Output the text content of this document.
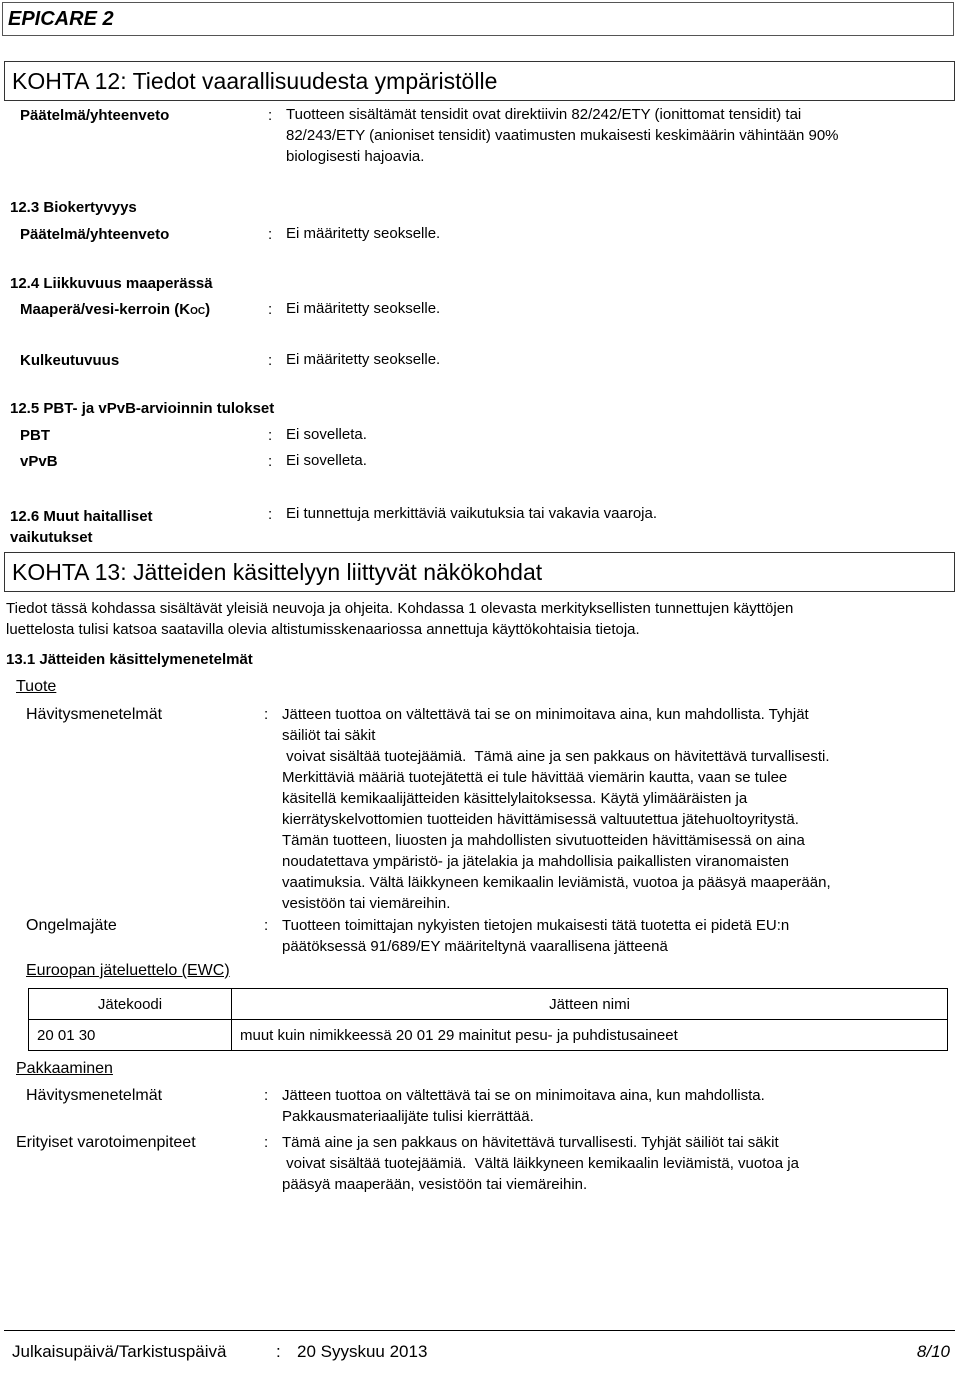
EPICARE 2
KOHTA 12: Tiedot vaarallisuudesta ympäristölle
Päätelmä/yhteenveto	: Tuotteen sisältämät tensidit ovat direktiivin 82/242/ETY (ionittomat tensidit) tai
82/243/ETY (anioniset tensidit) vaatimusten mukaisesti keskimäärin vähintään 90%
biologisesti hajoavia.
12.3 Biokertyvyys
Päätelmä/yhteenveto	: Ei määritetty seokselle.
12.4 Liikkuvuus maaperässä
Maaperä/vesi-kerroin (KOC)	: Ei määritetty seokselle.
Kulkeutuvuus	: Ei määritetty seokselle.
12.5 PBT- ja vPvB-arvioinnin tulokset
PBT	: Ei sovelleta.
vPvB	: Ei sovelleta.
12.6 Muut haitalliset
vaikutukset
: Ei tunnettuja merkittäviä vaikutuksia tai vakavia vaaroja.
KOHTA 13: Jätteiden käsittelyyn liittyvät näkökohdat
Tiedot tässä kohdassa sisältävät yleisiä neuvoja ja ohjeita. Kohdassa 1 olevasta merkityksellisten tunnettujen käyttöjen
luettelosta tulisi katsoa saatavilla olevia altistumisskenaariossa annettuja käyttökohtaisia tietoja.
13.1 Jätteiden käsittelymenetelmät
Tuote
Hävitysmenetelmät	: Jätteen tuottoa on vältettävä tai se on minimoitava aina, kun mahdollista. Tyhjät
säiliöt tai säkit
voivat sisältää tuotejäämiä.  Tämä aine ja sen pakkaus on hävitettävä turvallisesti.
Merkittäviä määriä tuotejätettä ei tule hävittää viemärin kautta, vaan se tulee
käsitellä kemikaalijätteiden käsittelylaitoksessa. Käytä ylimääräisten ja
kierrätyskelvottomien tuotteiden hävittämisessä valtuutettua jätehuoltoyritystä.
Tämän tuotteen, liuosten ja mahdollisten sivutuotteiden hävittämisessä on aina
noudatettava ympäristö- ja jätelakia ja mahdollisia paikallisten viranomaisten
vaatimuksia. Vältä läikkyneen kemikaalin leviämistä, vuotoa ja pääsyä maaperään,
vesistöön tai viemäreihin.
Ongelmajäte	: Tuotteen toimittajan nykyisten tietojen mukaisesti tätä tuotetta ei pidetä EU:n
päätöksessä 91/689/EY määriteltynä vaarallisena jätteenä
Euroopan jäteluettelo (EWC)
Jätekoodi	Jätteen nimi
20 01 30	muut kuin nimikkeessä 20 01 29 mainitut pesu- ja puhdistusaineet
Pakkaaminen
Hävitysmenetelmät	: Jätteen tuottoa on vältettävä tai se on minimoitava aina, kun mahdollista.
Pakkausmateriaalijäte tulisi kierrättää.
Erityiset varotoimenpiteet	: Tämä aine ja sen pakkaus on hävitettävä turvallisesti. Tyhjät säiliöt tai säkit
voivat sisältää tuotejäämiä.  Vältä läikkyneen kemikaalin leviämistä, vuotoa ja
pääsyä maaperään, vesistöön tai viemäreihin.
Julkaisupäivä/Tarkistuspäivä	: 20 Syyskuu 2013	8/10
